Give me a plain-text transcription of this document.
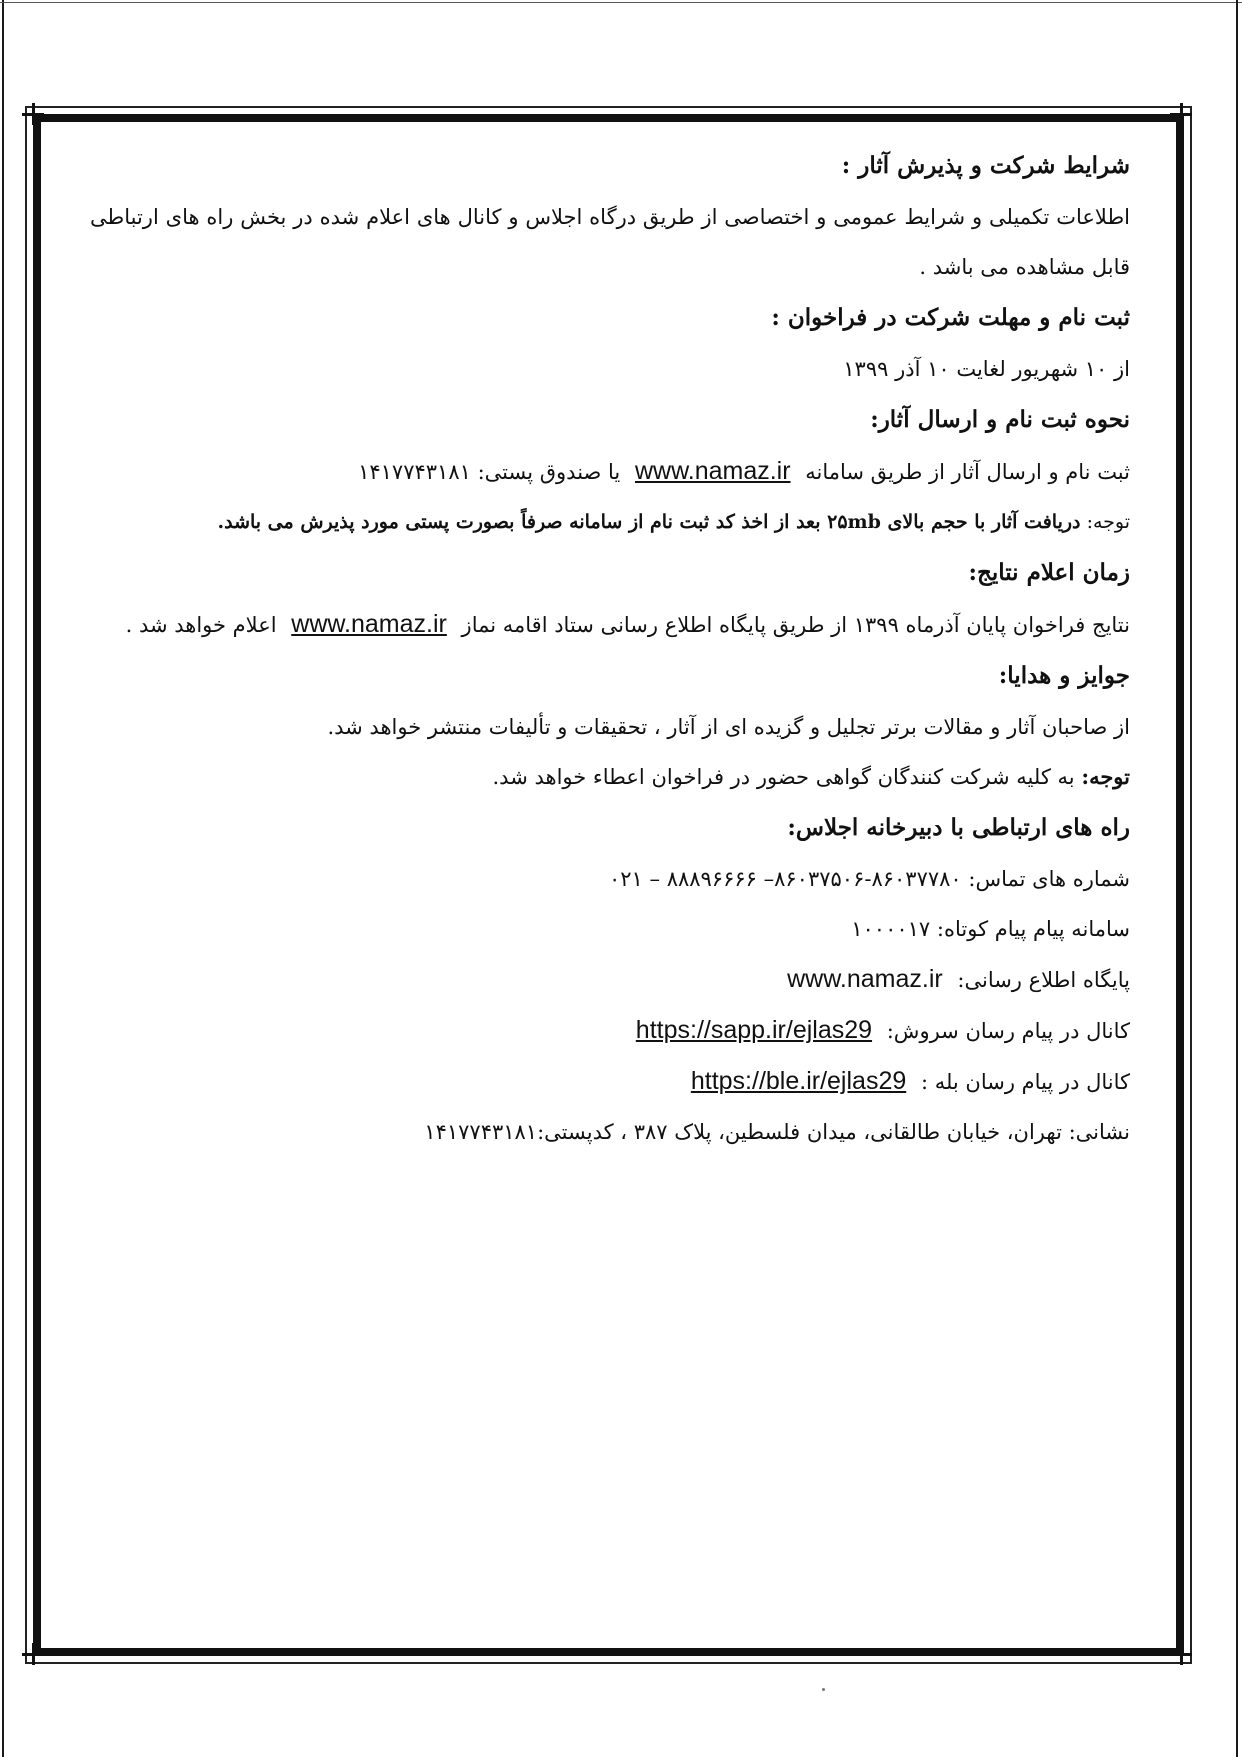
شرایط شرکت و پذیرش آثار :

اطلاعات تکمیلی و شرایط عمومی و اختصاصی از طریق درگاه اجلاس و کانال های اعلام شده در بخش راه های ارتباطی قابل مشاهده می باشد .

ثبت نام و مهلت شرکت در فراخوان :

از ۱۰ شهریور لغایت ۱۰ آذر ۱۳۹۹

نحوه ثبت نام و ارسال آثار:

ثبت نام و ارسال آثار از طریق سامانه www.namaz.ir یا صندوق پستی: ۱۴۱۷۷۴۳۱۸۱

توجه: دریافت آثار با حجم بالای ۲۵mb بعد از اخذ کد ثبت نام از سامانه صرفاً بصورت پستی مورد پذیرش می باشد.

زمان اعلام نتایج:

نتایج فراخوان پایان آذرماه ۱۳۹۹ از طریق پایگاه اطلاع رسانی ستاد اقامه نماز www.namaz.ir اعلام خواهد شد .

جوایز و هدایا:

از صاحبان آثار و مقالات برتر تجلیل و گزیده ای از آثار ، تحقیقات و تألیفات منتشر خواهد شد.

توجه: به کلیه شرکت کنندگان گواهی حضور در فراخوان اعطاء خواهد شد.

راه های ارتباطی با دبیرخانه اجلاس:

شماره های تماس: ۸۶۰۳۷۷۸۰-۸۶۰۳۷۵۰۶– ۸۸۸۹۶۶۶۶ – ۰۲۱

سامانه پیام پیام کوتاه: ۱۰۰۰۰۱۷

پایگاه اطلاع رسانی: www.namaz.ir

کانال در پیام رسان سروش: https://sapp.ir/ejlas29

کانال در پیام رسان بله : https://ble.ir/ejlas29

نشانی: تهران، خیابان طالقانی، میدان فلسطین، پلاک ۳۸۷ ، کدپستی:۱۴۱۷۷۴۳۱۸۱
